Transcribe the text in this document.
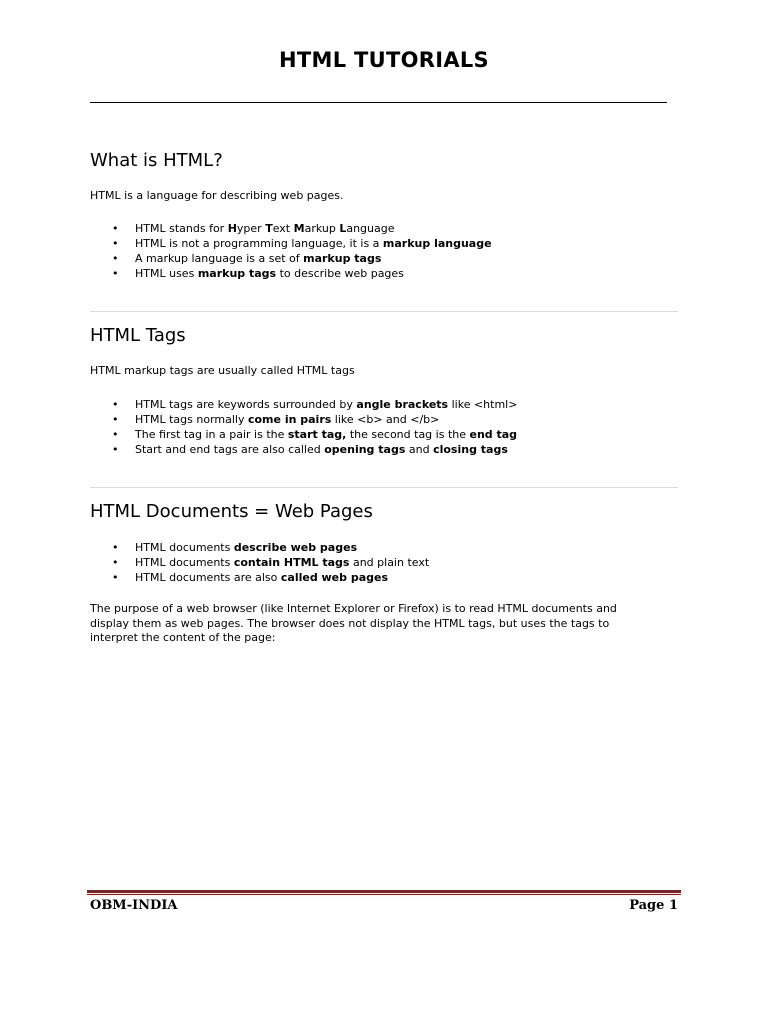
HTML TUTORIALS
What is HTML?
HTML is a language for describing web pages.
• HTML stands for Hyper Text Markup Language
• HTML is not a programming language, it is a markup language
• A markup language is a set of markup tags
• HTML uses markup tags to describe web pages
HTML Tags
HTML markup tags are usually called HTML tags
• HTML tags are keywords surrounded by angle brackets like <html>
• HTML tags normally come in pairs like <b> and </b>
• The first tag in a pair is the start tag, the second tag is the end tag
• Start and end tags are also called opening tags and closing tags
HTML Documents = Web Pages
• HTML documents describe web pages
• HTML documents contain HTML tags and plain text
• HTML documents are also called web pages
The purpose of a web browser (like Internet Explorer or Firefox) is to read HTML documents and display them as web pages. The browser does not display the HTML tags, but uses the tags to interpret the content of the page:
OBM-INDIA	Page 1
